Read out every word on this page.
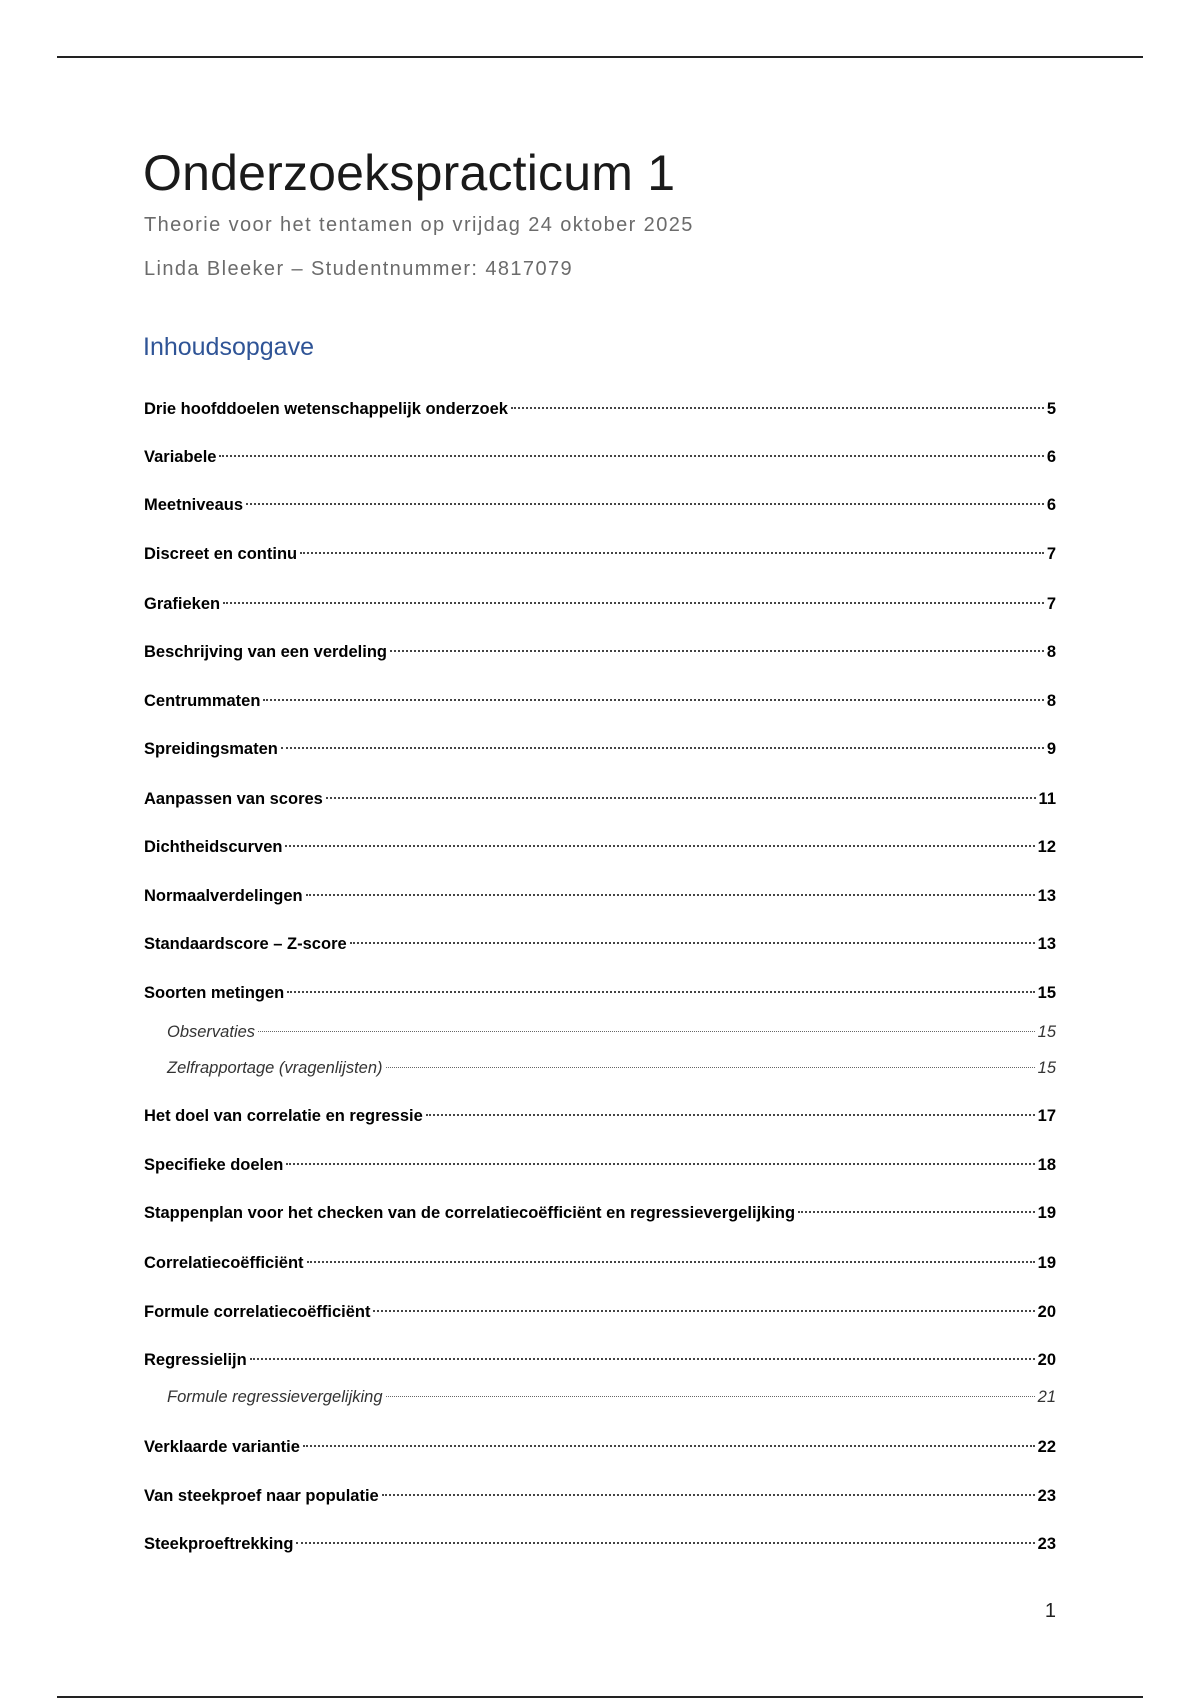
Onderzoekspracticum 1
Theorie voor het tentamen op vrijdag 24 oktober 2025
Linda Bleeker – Studentnummer: 4817079
Inhoudsopgave
Drie hoofddoelen wetenschappelijk onderzoek	5
Variabele	6
Meetniveaus	6
Discreet en continu	7
Grafieken	7
Beschrijving van een verdeling	8
Centrummaten	8
Spreidingsmaten	9
Aanpassen van scores	11
Dichtheidscurven	12
Normaalverdelingen	13
Standaardscore – Z-score	13
Soorten metingen	15
Observaties	15
Zelfrapportage (vragenlijsten)	15
Het doel van correlatie en regressie	17
Specifieke doelen	18
Stappenplan voor het checken van de correlatiecoëfficiënt en regressievergelijking	19
Correlatiecoëfficiënt	19
Formule correlatiecoëfficiënt	20
Regressielijn	20
Formule regressievergelijking	21
Verklaarde variantie	22
Van steekproef naar populatie	23
Steekproeftrekking	23
1
